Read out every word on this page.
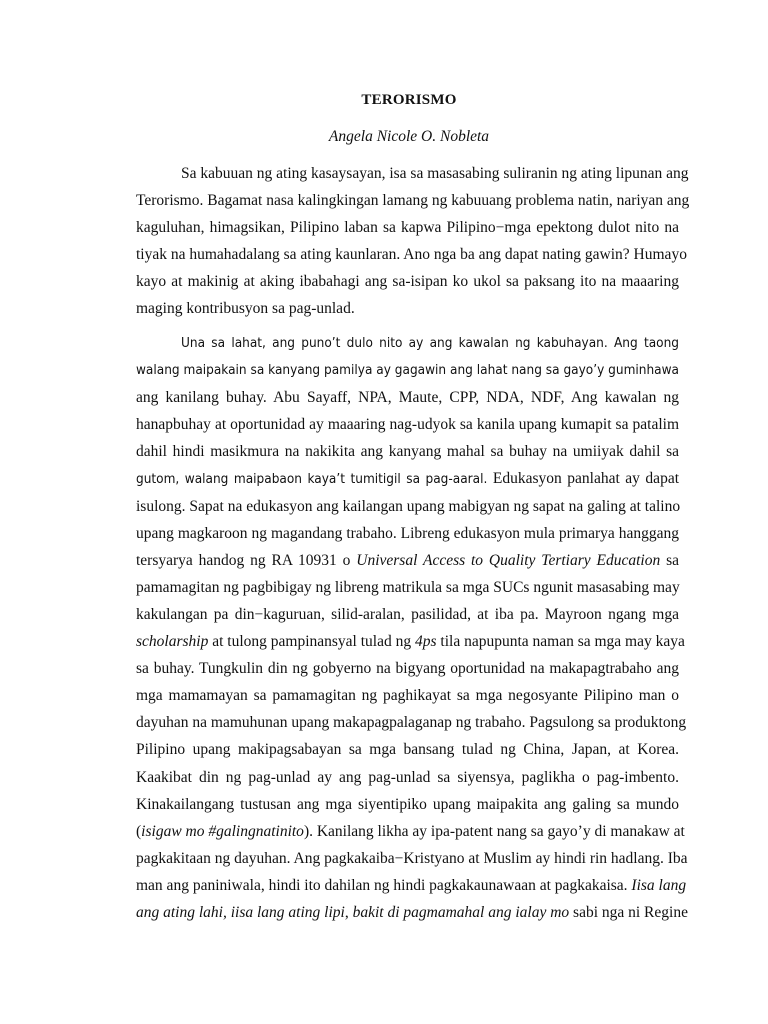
TERORISMO
Angela Nicole O. Nobleta
Sa kabuuan ng ating kasaysayan, isa sa masasabing suliranin ng ating lipunan ang
Terorismo. Bagamat nasa kalingkingan lamang ng kabuuang problema natin, nariyan ang
kaguluhan, himagsikan, Pilipino laban sa kapwa Pilipino−mga epektong dulot nito na
tiyak na humahadalang sa ating kaunlaran. Ano nga ba ang dapat nating gawin? Humayo
kayo at makinig at aking ibabahagi ang sa-isipan ko ukol sa paksang ito na maaaring
maging kontribusyon sa pag-unlad.
Una sa lahat, ang puno’t dulo nito ay ang kawalan ng kabuhayan. Ang taong
walang maipakain sa kanyang pamilya ay gagawin ang lahat nang sa gayo’y guminhawa
ang kanilang buhay. Abu Sayaff, NPA, Maute, CPP, NDA, NDF, Ang kawalan ng
hanapbuhay at oportunidad ay maaaring nag-udyok sa kanila upang kumapit sa patalim
dahil hindi masikmura na nakikita ang kanyang mahal sa buhay na umiiyak dahil sa
gutom, walang maipabaon kaya’t tumitigil sa pag-aaral. Edukasyon panlahat ay dapat
isulong. Sapat na edukasyon ang kailangan upang mabigyan ng sapat na galing at talino
upang magkaroon ng magandang trabaho. Libreng edukasyon mula primarya hanggang
tersyarya handog ng RA 10931 o Universal Access to Quality Tertiary Education sa
pamamagitan ng pagbibigay ng libreng matrikula sa mga SUCs ngunit masasabing may
kakulangan pa din−kaguruan, silid-aralan, pasilidad, at iba pa. Mayroon ngang mga
scholarship at tulong pampinansyal tulad ng 4ps tila napupunta naman sa mga may kaya
sa buhay. Tungkulin din ng gobyerno na bigyang oportunidad na makapagtrabaho ang
mga mamamayan sa pamamagitan ng paghikayat sa mga negosyante Pilipino man o
dayuhan na mamuhunan upang makapagpalaganap ng trabaho. Pagsulong sa produktong
Pilipino upang makipagsabayan sa mga bansang tulad ng China, Japan, at Korea.
Kaakibat din ng pag-unlad ay ang pag-unlad sa siyensya, paglikha o pag-imbento.
Kinakailangang tustusan ang mga siyentipiko upang maipakita ang galing sa mundo
(isigaw mo #galingnatinito). Kanilang likha ay ipa-patent nang sa gayo’y di manakaw at
pagkakitaan ng dayuhan. Ang pagkakaiba−Kristyano at Muslim ay hindi rin hadlang. Iba
man ang paniniwala, hindi ito dahilan ng hindi pagkakaunawaan at pagkakaisa. Iisa lang
ang ating lahi, iisa lang ating lipi, bakit di pagmamahal ang ialay mo sabi nga ni Regine
